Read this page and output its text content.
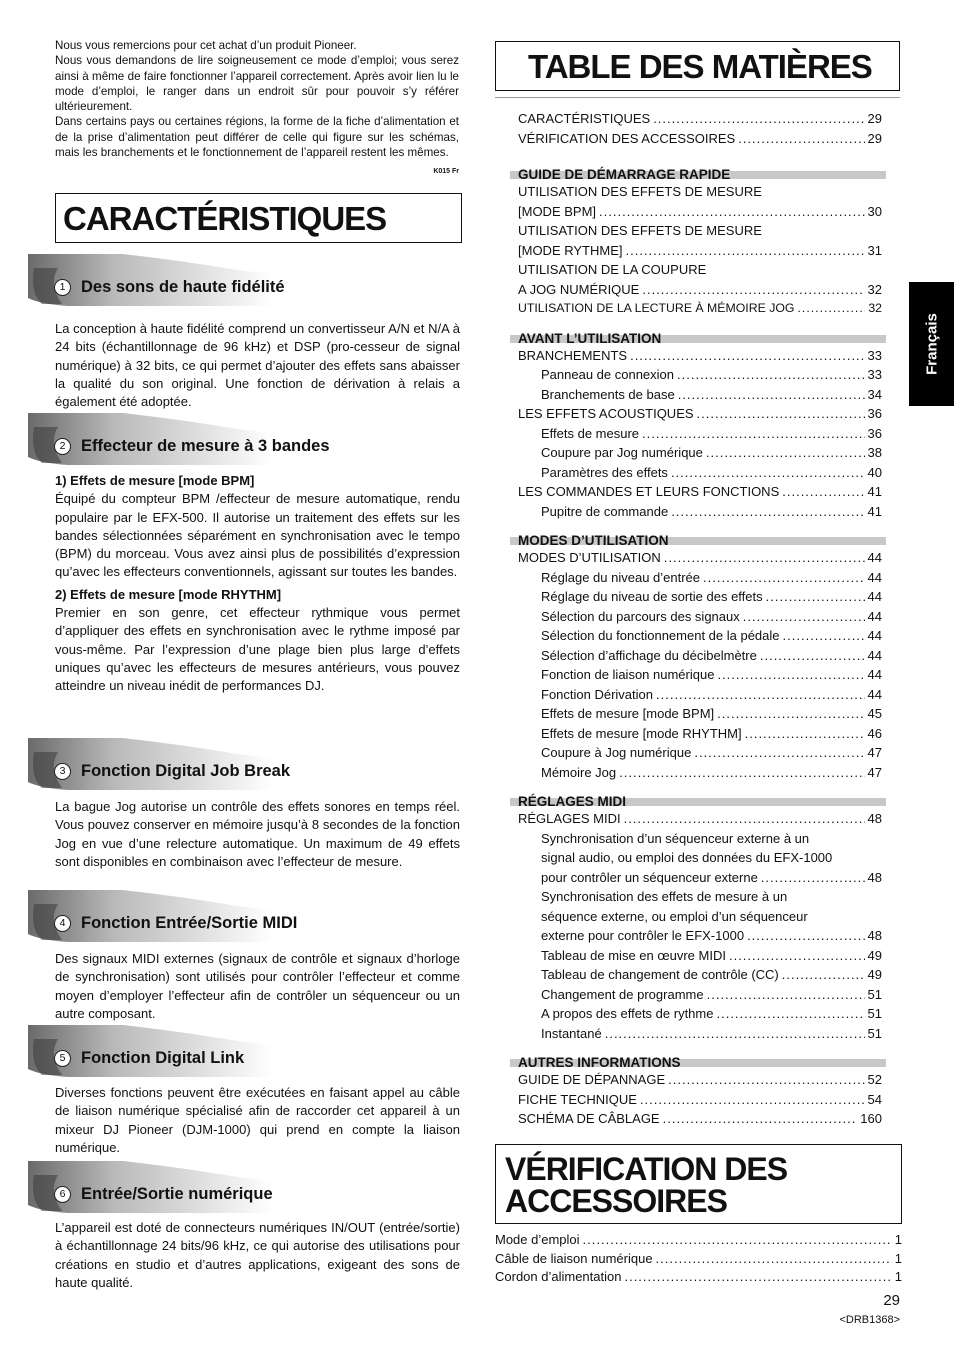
Nous vous remercions pour cet achat d’un produit Pioneer.

Nous vous demandons de lire soigneusement ce mode d’emploi; vous serez ainsi à même de faire fonctionner l’appareil correctement. Après avoir lien lu le mode d’emploi, le ranger dans un endroit sûr pour pouvoir s’y référer ultérieurement.

Dans certains pays ou certaines régions, la forme de la fiche d’alimentation et de la prise d’alimentation peut différer de celle qui figure sur les schémas, mais les branchements et le fonctionnement de l’appareil restent les mêmes.
K015 Fr

CARACTÉRISTIQUES
1 Des sons de haute fidélité

La conception à haute fidélité comprend un convertisseur A/N et N/A à 24 bits (échantillonnage de 96 kHz) et DSP (pro-cesseur de signal numérique) à 32 bits, ce qui permet d’ajouter des effets sans abaisser la qualité du son original. Une fonction de dérivation à relais a également été adoptée.

2 Effecteur de mesure à 3 bandes

1) Effets de mesure [mode BPM]

Équipé du compteur BPM /effecteur de mesure automatique, rendu populaire par le EFX-500. Il autorise un traitement des effets sur les bandes sélectionnées séparément en synchronisation avec le tempo (BPM) du morceau. Vous avez ainsi plus de possibilités d’expression qu’avec les effecteurs conventionnels, agissant sur toutes les bandes.

2) Effets de mesure [mode RHYTHM]

Premier en son genre, cet effecteur rythmique vous permet d’appliquer des effets en synchronisation avec le rythme imposé par vous-même. Par l’expression d’une plage bien plus large d’effets uniques qu’avec les effecteurs de mesures antérieurs, vous pouvez atteindre un niveau inédit de performances DJ.

3 Fonction Digital Job Break

La bague Jog autorise un contrôle des effets sonores en temps réel. Vous pouvez conserver en mémoire jusqu’à 8 secondes de la fonction Jog en vue d’une relecture automatique. Un maximum de 49 effets sont disponibles en combinaison avec l’effecteur de mesure.

4 Fonction Entrée/Sortie MIDI

Des signaux MIDI externes (signaux de contrôle et signaux d’horloge de synchronisation) sont utilisés pour contrôler l’effecteur et comme moyen d’employer l’effecteur afin de contrôler un séquenceur ou un autre composant.

5 Fonction Digital Link

Diverses fonctions peuvent être exécutées en faisant appel au câble de liaison numérique spécialisé afin de raccorder cet appareil à un mixeur DJ Pioneer (DJM-1000) qui prend en compte la liaison numérique.

6 Entrée/Sortie numérique

L’appareil est doté de connecteurs numériques IN/OUT (entrée/sortie) à échantillonnage 24 bits/96 kHz, ce qui autorise des utilisations pour créations en studio et d’autres applications, exigeant des sons de haute qualité.

TABLE DES MATIÈRES
CARACTÉRISTIQUES .....	29
VÉRIFICATION DES ACCESSOIRES .....	29
GUIDE DE DÉMARRAGE RAPIDE
UTILISATION DES EFFETS DE MESURE
[MODE BPM] .....	30
UTILISATION DES EFFETS DE MESURE
[MODE RYTHME] .....	31
UTILISATION DE LA COUPURE
A JOG NUMÉRIQUE .....	32
UTILISATION DE LA LECTURE À MÉMOIRE JOG .....	32
AVANT L’UTILISATION
BRANCHEMENTS .....	33
Panneau de connexion .....	33
Branchements de base .....	34
LES EFFETS ACOUSTIQUES .....	36
Effets de mesure .....	36
Coupure par Jog numérique .....	38
Paramètres des effets .....	40
LES COMMANDES ET LEURS FONCTIONS .....	41
Pupitre de commande .....	41
MODES D’UTILISATION
MODES D’UTILISATION .....	44
Réglage du niveau d’entrée .....	44
Réglage du niveau de sortie des effets .....	44
Sélection du parcours des signaux .....	44
Sélection du fonctionnement de la pédale .....	44
Sélection d’affichage du décibelmètre .....	44
Fonction de liaison numérique .....	44
Fonction Dérivation .....	44
Effets de mesure [mode BPM] .....	45
Effets de mesure [mode RHYTHM] .....	46
Coupure à Jog numérique .....	47
Mémoire Jog .....	47
RÉGLAGES MIDI
RÉGLAGES MIDI .....	48
Synchronisation d’un séquenceur externe à un
signal audio, ou emploi des données du EFX-1000
pour contrôler un séquenceur externe .....	48
Synchronisation des effets de mesure à un
séquence externe, ou emploi d’un séquenceur
externe pour contrôler le EFX-1000 .....	48
Tableau de mise en œuvre MIDI .....	49
Tableau de changement de contrôle (CC) .....	49
Changement de programme .....	51
A propos des effets de rythme .....	51
Instantané .....	51
AUTRES INFORMATIONS
GUIDE DE DÉPANNAGE .....	52
FICHE TECHNIQUE .....	54
SCHÉMA DE CÂBLAGE .....	160
VÉRIFICATION DES
ACCESSOIRES
Mode d’emploi .....	1
Câble de liaison numérique .....	1
Cordon d’alimentation .....	1
Français
29
<DRB1368>
